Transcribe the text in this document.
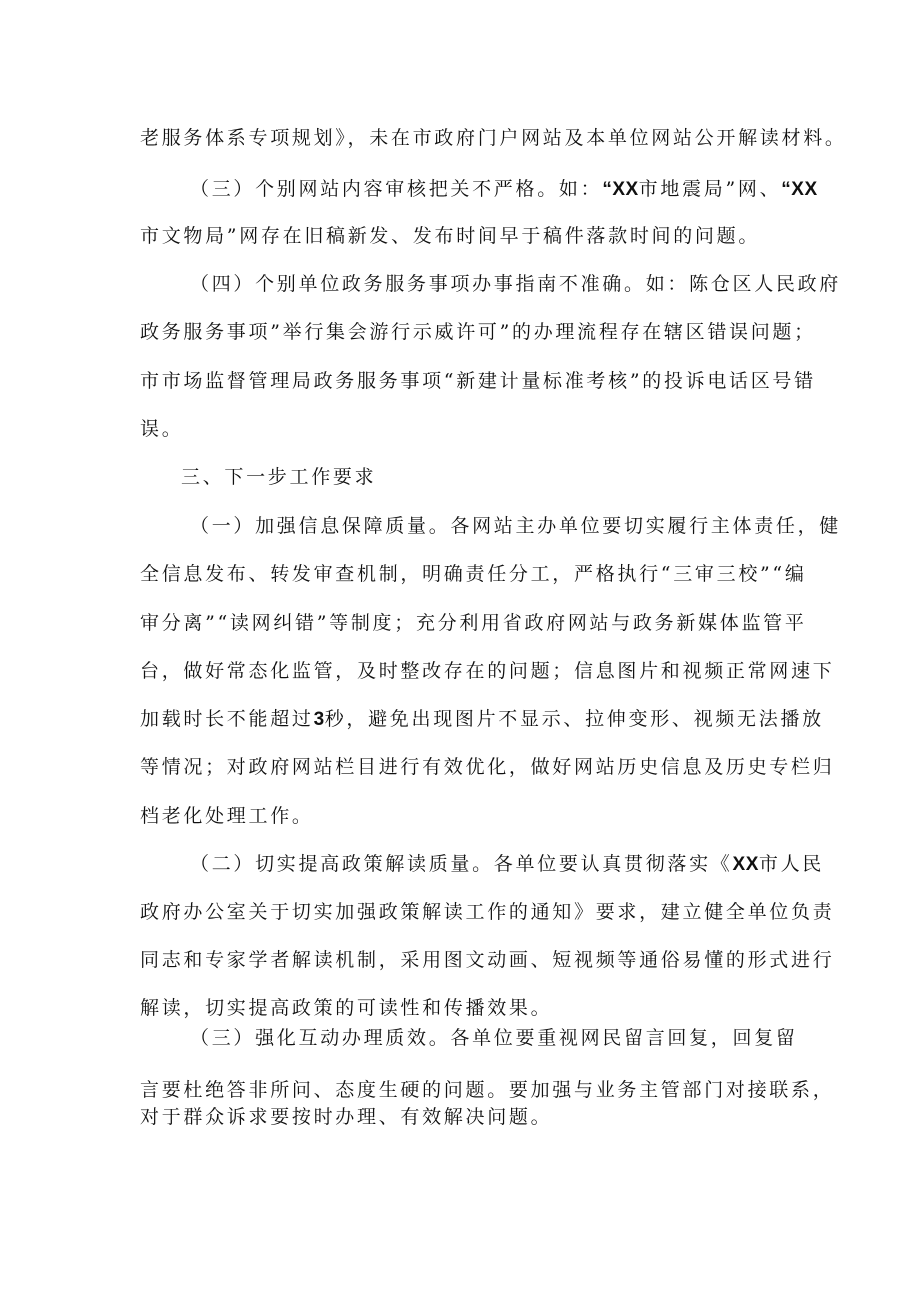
老服务体系专项规划》，未在市政府门户网站及本单位网站公开解读材料。
（三）个别网站内容审核把关不严格。如：“XX市地震局”网、“XX
市文物局”网存在旧稿新发、发布时间早于稿件落款时间的问题。
（四）个别单位政务服务事项办事指南不准确。如：陈仓区人民政府
政务服务事项”举行集会游行示威许可”的办理流程存在辖区错误问题；
市市场监督管理局政务服务事项“新建计量标准考核”的投诉电话区号错
误。
三、下一步工作要求
（一）加强信息保障质量。各网站主办单位要切实履行主体责任，健
全信息发布、转发审查机制，明确责任分工，严格执行“三审三校”“编
审分离”“读网纠错”等制度；充分利用省政府网站与政务新媒体监管平
台，做好常态化监管，及时整改存在的问题；信息图片和视频正常网速下
加载时长不能超过3秒，避免出现图片不显示、拉伸变形、视频无法播放
等情况；对政府网站栏目进行有效优化，做好网站历史信息及历史专栏归
档老化处理工作。
（二）切实提高政策解读质量。各单位要认真贯彻落实《XX市人民
政府办公室关于切实加强政策解读工作的通知》要求，建立健全单位负责
同志和专家学者解读机制，采用图文动画、短视频等通俗易懂的形式进行
解读，切实提高政策的可读性和传播效果。
（三）强化互动办理质效。各单位要重视网民留言回复，回复留
言要杜绝答非所问、态度生硬的问题。要加强与业务主管部门对接联系，
对于群众诉求要按时办理、有效解决问题。
